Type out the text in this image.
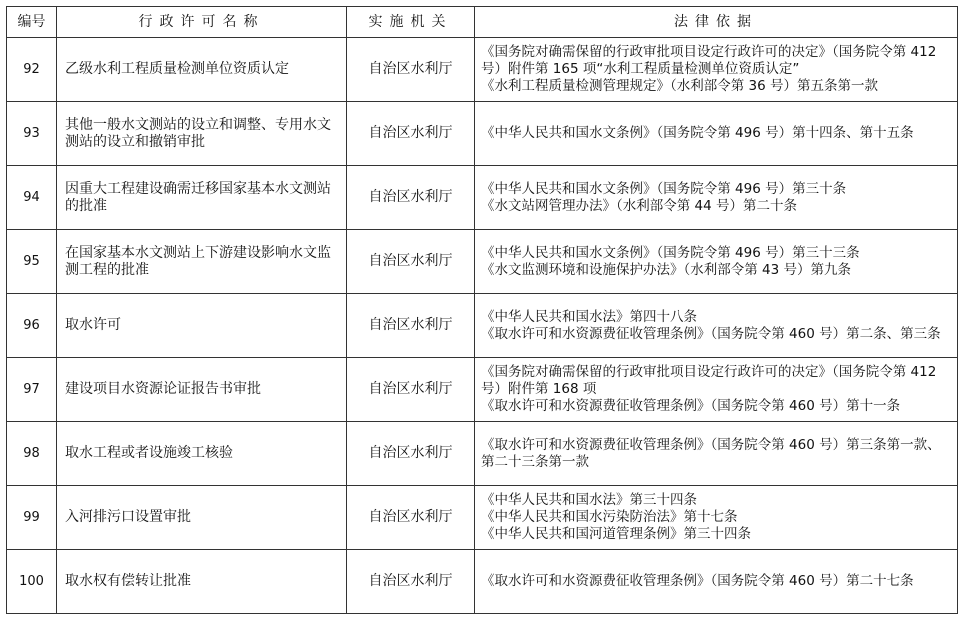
编号	行政许可名称	实施机关	法律依据
92	乙级水利工程质量检测单位资质认定	自治区水利厅	《国务院对确需保留的行政审批项目设定行政许可的决定》（国务院令第 412 号）附件第 165 项“水利工程质量检测单位资质认定”
《水利工程质量检测管理规定》（水利部令第 36 号）第五条第一款

93	其他一般水文测站的设立和调整、专用水文测站的设立和撤销审批	自治区水利厅	《中华人民共和国水文条例》（国务院令第 496 号）第十四条、第十五条

94	因重大工程建设确需迁移国家基本水文测站的批准	自治区水利厅	《中华人民共和国水文条例》（国务院令第 496 号）第三十条
《水文站网管理办法》（水利部令第 44 号）第二十条

95	在国家基本水文测站上下游建设影响水文监测工程的批准	自治区水利厅	《中华人民共和国水文条例》（国务院令第 496 号）第三十三条
《水文监测环境和设施保护办法》（水利部令第 43 号）第九条

96	取水许可	自治区水利厅	《中华人民共和国水法》第四十八条
《取水许可和水资源费征收管理条例》（国务院令第 460 号）第二条、第三条

97	建设项目水资源论证报告书审批	自治区水利厅	《国务院对确需保留的行政审批项目设定行政许可的决定》（国务院令第 412 号）附件第 168 项
《取水许可和水资源费征收管理条例》（国务院令第 460 号）第十一条

98	取水工程或者设施竣工核验	自治区水利厅	《取水许可和水资源费征收管理条例》（国务院令第 460 号）第三条第一款、第二十三条第一款

99	入河排污口设置审批	自治区水利厅	《中华人民共和国水法》第三十四条
《中华人民共和国水污染防治法》第十七条
《中华人民共和国河道管理条例》第三十四条

100	取水权有偿转让批准	自治区水利厅	《取水许可和水资源费征收管理条例》（国务院令第 460 号）第二十七条
